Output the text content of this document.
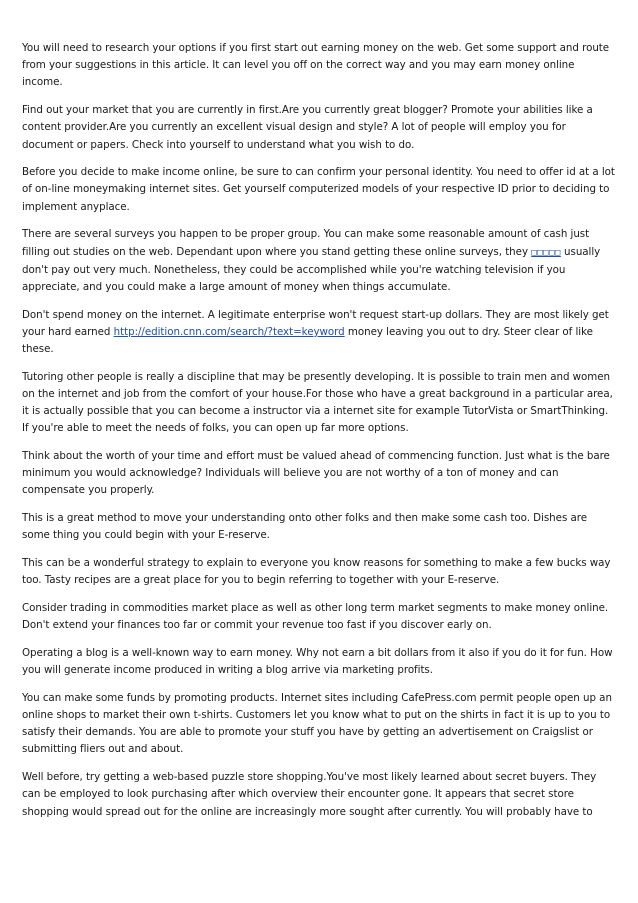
You will need to research your options if you first start out earning money on the web. Get some support and route from your suggestions in this article. It can level you off on the correct way and you may earn money online income.

Find out your market that you are currently in first.Are you currently great blogger? Promote your abilities like a content provider.Are you currently an excellent visual design and style? A lot of people will employ you for document or papers. Check into yourself to understand what you wish to do.

Before you decide to make income online, be sure to can confirm your personal identity. You need to offer id at a lot of on-line moneymaking internet sites. Get yourself computerized models of your respective ID prior to deciding to implement anyplace.

There are several surveys you happen to be proper group. You can make some reasonable amount of cash just filling out studies on the web. Dependant upon where you stand getting these online surveys, they □□□□□ usually don't pay out very much. Nonetheless, they could be accomplished while you're watching television if you appreciate, and you could make a large amount of money when things accumulate.

Don't spend money on the internet. A legitimate enterprise won't request start-up dollars. They are most likely get your hard earned http://edition.cnn.com/search/?text=keyword money leaving you out to dry. Steer clear of like these.

Tutoring other people is really a discipline that may be presently developing. It is possible to train men and women on the internet and job from the comfort of your house.For those who have a great background in a particular area, it is actually possible that you can become a instructor via a internet site for example TutorVista or SmartThinking. If you're able to meet the needs of folks, you can open up far more options.

Think about the worth of your time and effort must be valued ahead of commencing function. Just what is the bare minimum you would acknowledge? Individuals will believe you are not worthy of a ton of money and can compensate you properly.

This is a great method to move your understanding onto other folks and then make some cash too. Dishes are some thing you could begin with your E-reserve.

This can be a wonderful strategy to explain to everyone you know reasons for something to make a few bucks way too. Tasty recipes are a great place for you to begin referring to together with your E-reserve.

Consider trading in commodities market place as well as other long term market segments to make money online. Don't extend your finances too far or commit your revenue too fast if you discover early on.

Operating a blog is a well-known way to earn money. Why not earn a bit dollars from it also if you do it for fun. How you will generate income produced in writing a blog arrive via marketing profits.

You can make some funds by promoting products. Internet sites including CafePress.com permit people open up an online shops to market their own t-shirts. Customers let you know what to put on the shirts in fact it is up to you to satisfy their demands. You are able to promote your stuff you have by getting an advertisement on Craigslist or submitting fliers out and about.

Well before, try getting a web-based puzzle store shopping.You've most likely learned about secret buyers. They can be employed to look purchasing after which overview their encounter gone. It appears that secret store shopping would spread out for the online are increasingly more sought after currently. You will probably have to
